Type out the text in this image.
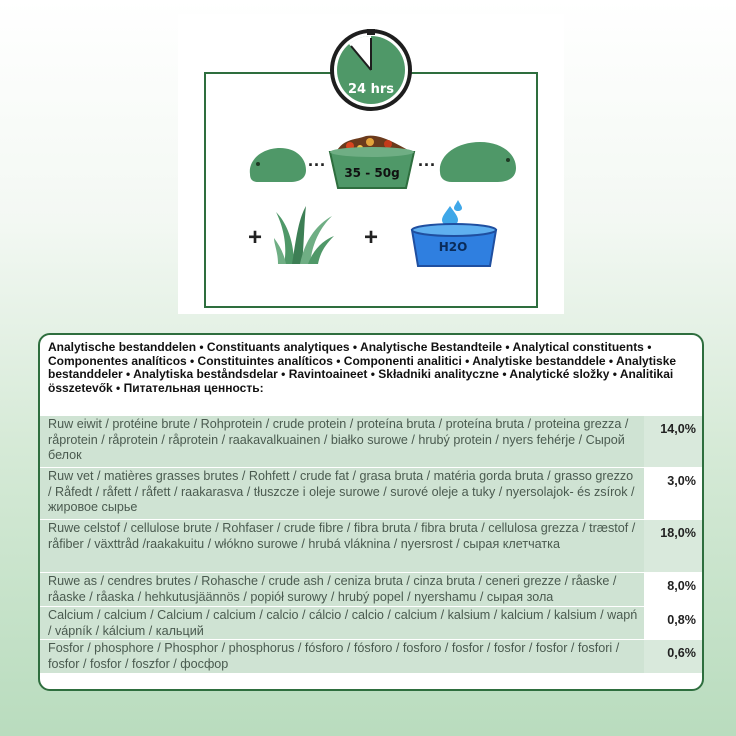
24 hrs
...
35 - 50g
...
+	+	H2O
Analytische bestanddelen • Constituants analytiques • Analytische Bestandteile • Analytical constituents • Componentes analíticos • Constituintes analíticos • Componenti analitici • Analytiske bestanddele • Analytiske bestanddeler • Analytiska beståndsdelar • Ravintoaineet • Składniki analityczne • Analytické složky • Analitikai összetevők • Питательная ценность:
Ruw eiwit / protéine brute / Rohprotein / crude protein / proteína bruta / proteína bruta / proteina grezza / råprotein / råprotein / råprotein / raakavalkuainen / białko surowe / hrubý protein / nyers fehérje / Сырой белок
14,0%
Ruw vet / matières grasses brutes / Rohfett / crude fat / grasa bruta / matéria gorda bruta / grasso grezzo / Råfedt / råfett / råfett / raakarasva / tłuszcze i oleje surowe / surové oleje a tuky / nyersolajok- és zsírok / жировое сырье
3,0%
Ruwe celstof / cellulose brute / Rohfaser / crude fibre / fibra bruta / fibra bruta / cellulosa grezza / træstof / råfiber / växttråd /raakakuitu / włókno surowe / hrubá vláknina / nyersrost / сырая клетчатка
18,0%
Ruwe as / cendres brutes / Rohasche / crude ash / ceniza bruta / cinza bruta / ceneri grezze / råaske / råaske / råaska / hehkutusjäännös / popiół surowy / hrubý popel / nyershamu / сырая зола
8,0%
Calcium / calcium / Calcium / calcium / calcio / cálcio / calcio / calcium / kalsium / kalcium / kalsium / wapń / vápník / kálcium / кальций
0,8%
Fosfor / phosphore / Phosphor / phosphorus / fósforo / fósforo / fosforo / fosfor / fosfor / fosfor / fosfori / fosfor / fosfor / foszfor / фосфор
0,6%
